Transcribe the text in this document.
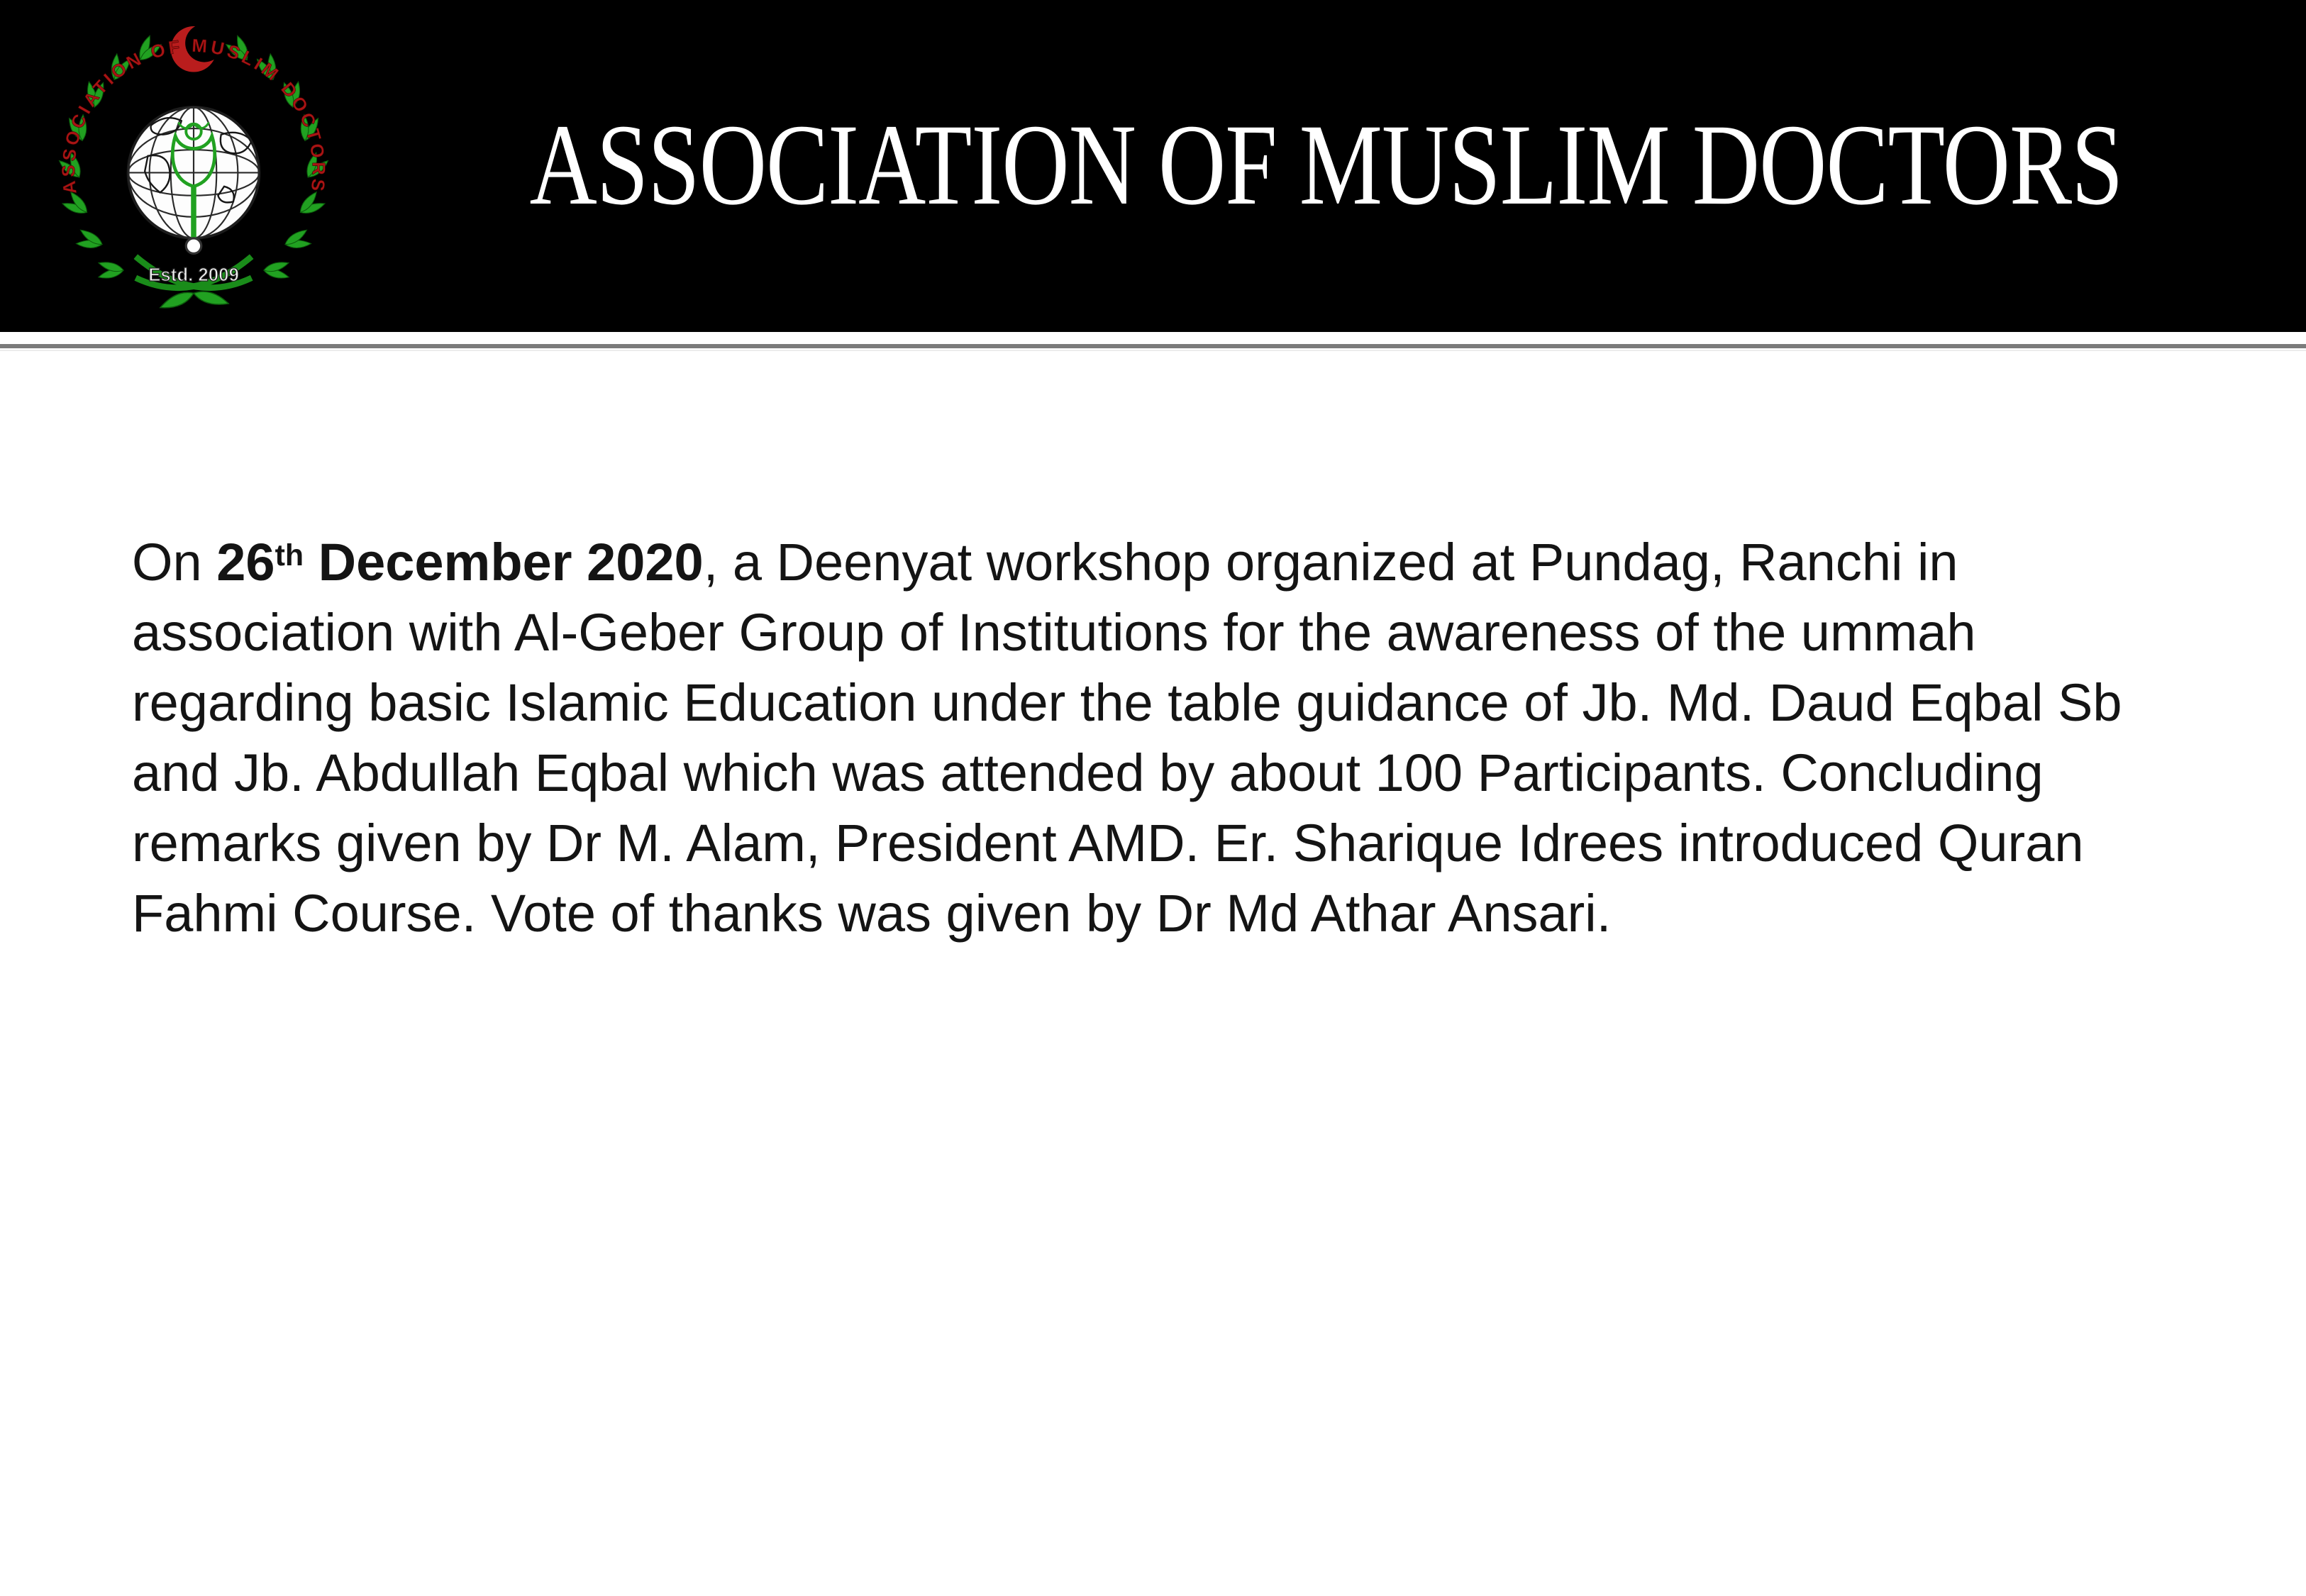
ASSOCIATION OF MUSLIM DOCTORS
Estd. 2009
ASSOCIATION OF MUSLIM DOCTORS

On 26th December 2020, a Deenyat workshop organized at Pundag, Ranchi in association with Al-Geber Group of Institutions for the awareness of the ummah regarding basic Islamic Education under the table guidance of Jb. Md. Daud Eqbal Sb and Jb. Abdullah Eqbal which was attended by about 100 Participants. Concluding remarks given by Dr M. Alam, President AMD. Er. Sharique Idrees introduced Quran Fahmi Course. Vote of thanks was given by Dr Md Athar Ansari.
